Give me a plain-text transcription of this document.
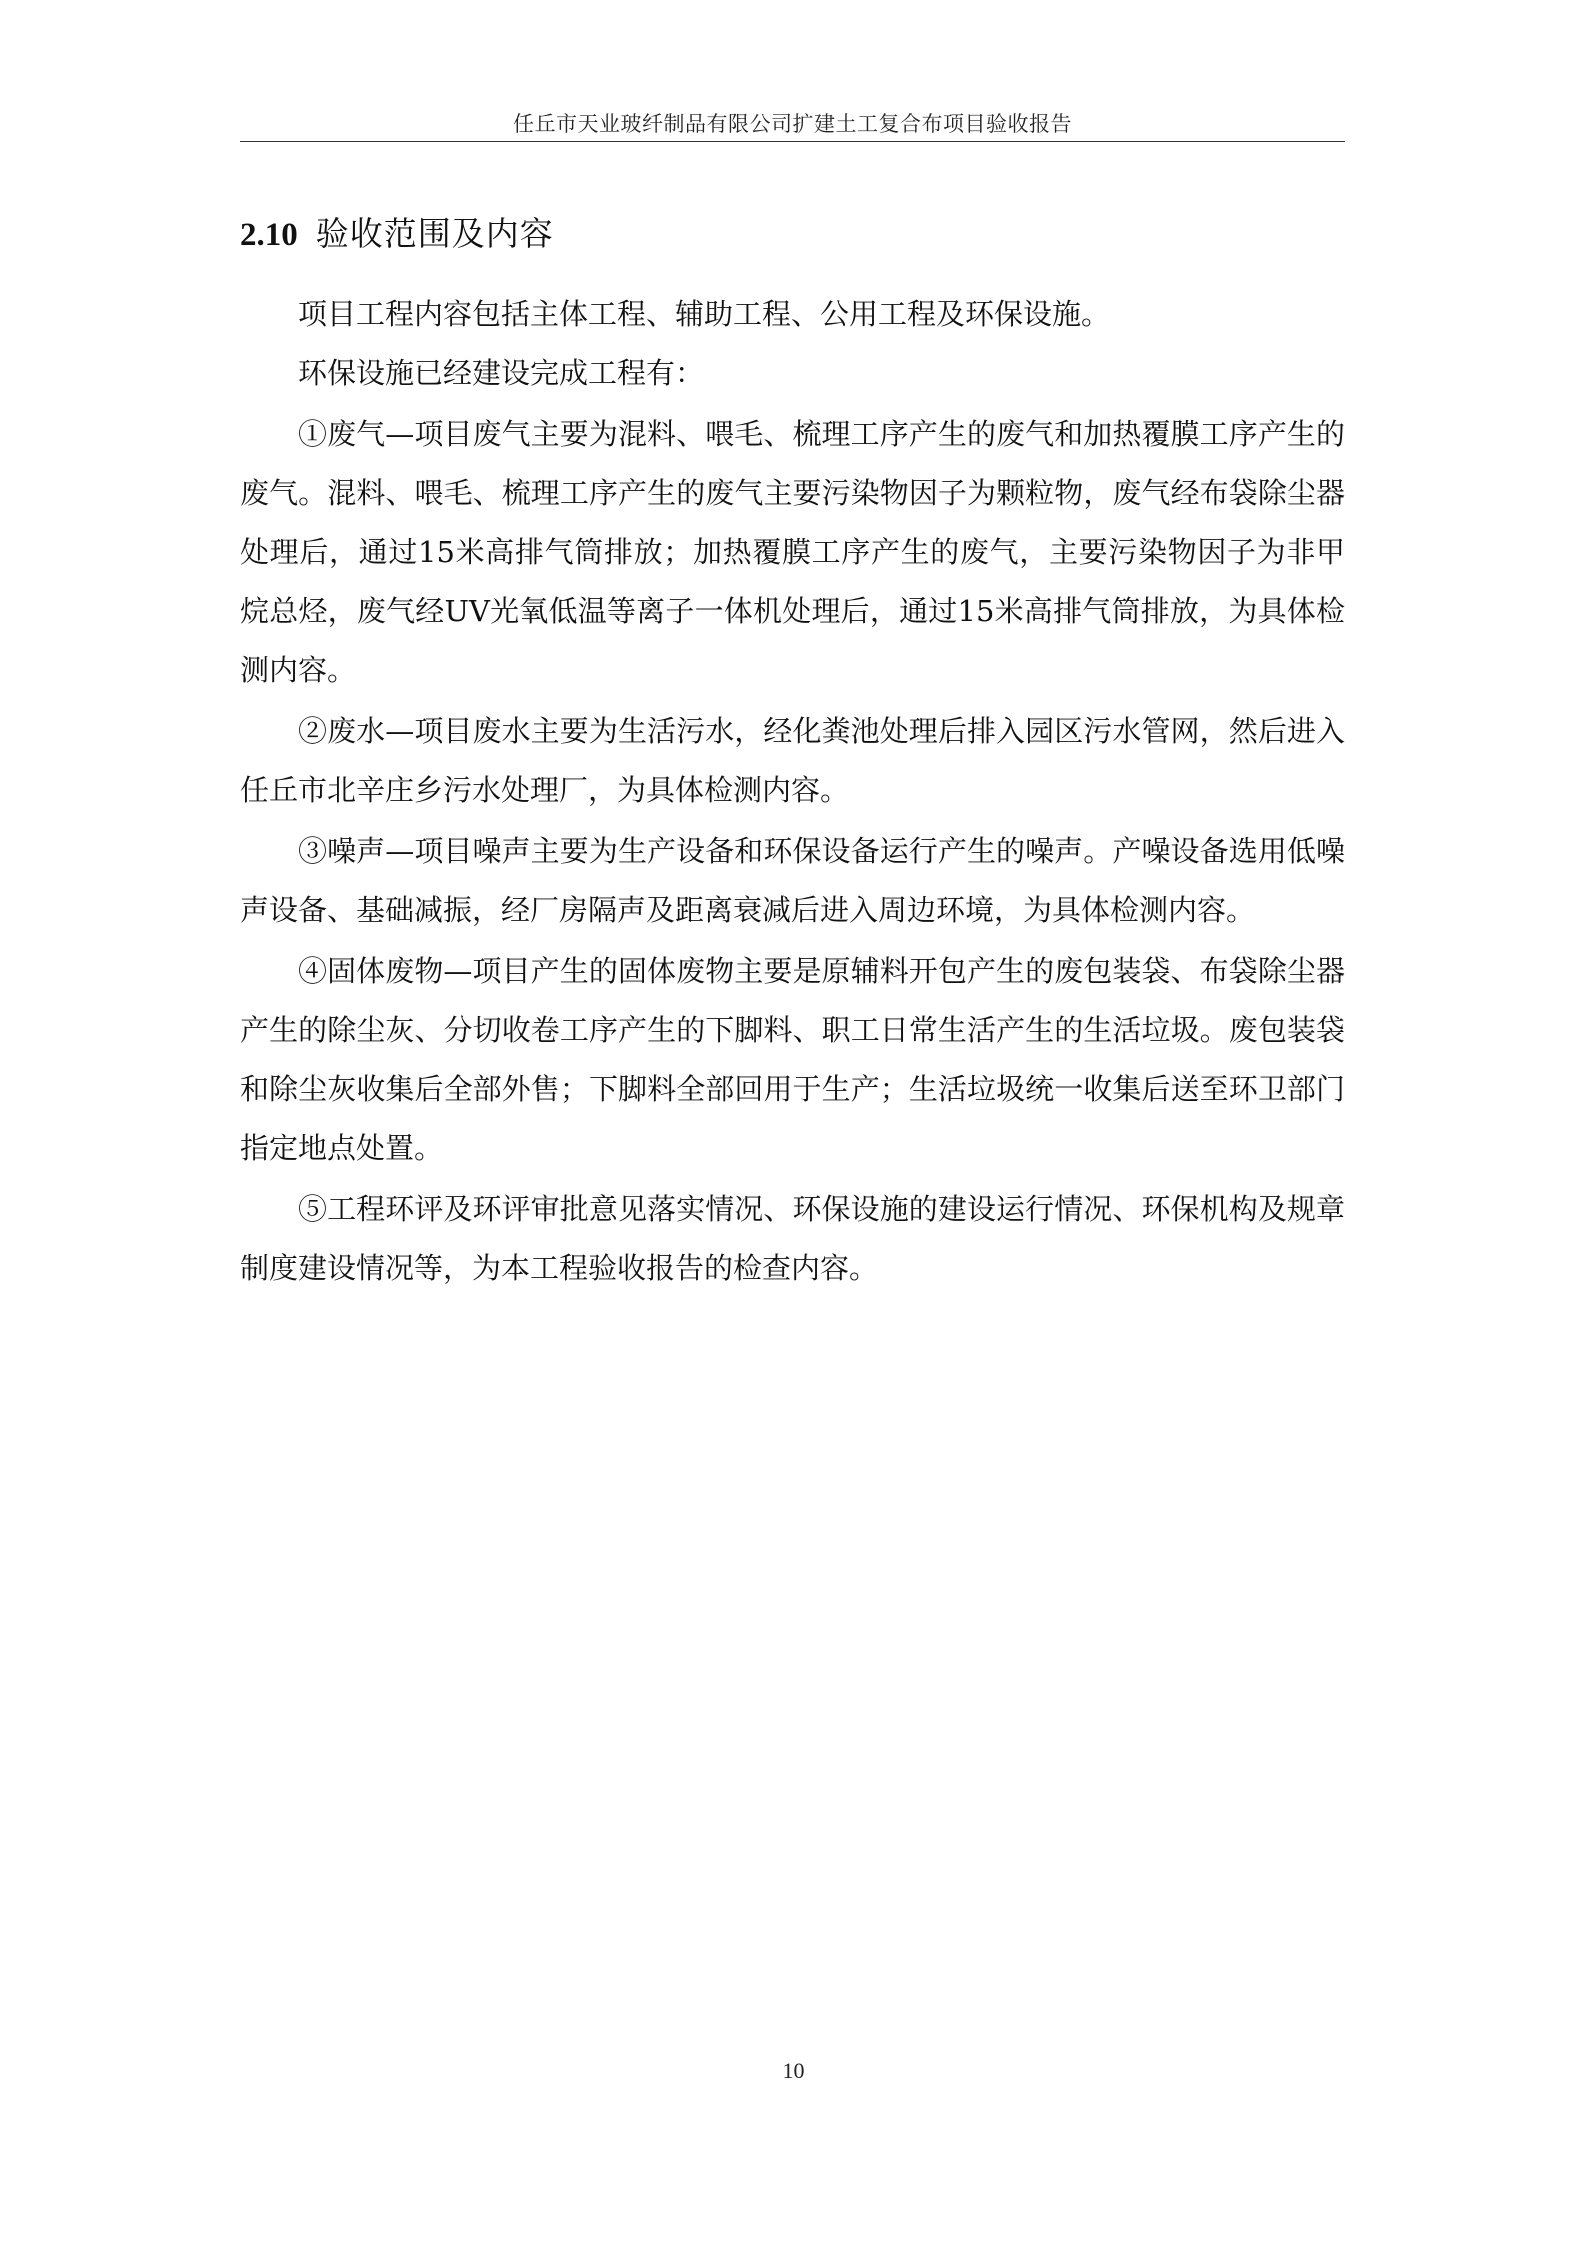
任丘市天业玻纤制品有限公司扩建土工复合布项目验收报告
2.10 验收范围及内容

项目工程内容包括主体工程、辅助工程、公用工程及环保设施。

环保设施已经建设完成工程有：

①废气—项目废气主要为混料、喂毛、梳理工序产生的废气和加热覆膜工序产生的废气。混料、喂毛、梳理工序产生的废气主要污染物因子为颗粒物，废气经布袋除尘器处理后，通过15米高排气筒排放；加热覆膜工序产生的废气，主要污染物因子为非甲烷总烃，废气经UV光氧低温等离子一体机处理后，通过15米高排气筒排放，为具体检测内容。

②废水—项目废水主要为生活污水，经化粪池处理后排入园区污水管网，然后进入任丘市北辛庄乡污水处理厂，为具体检测内容。

③噪声—项目噪声主要为生产设备和环保设备运行产生的噪声。产噪设备选用低噪声设备、基础减振，经厂房隔声及距离衰减后进入周边环境，为具体检测内容。

④固体废物—项目产生的固体废物主要是原辅料开包产生的废包装袋、布袋除尘器产生的除尘灰、分切收卷工序产生的下脚料、职工日常生活产生的生活垃圾。废包装袋和除尘灰收集后全部外售；下脚料全部回用于生产；生活垃圾统一收集后送至环卫部门指定地点处置。

⑤工程环评及环评审批意见落实情况、环保设施的建设运行情况、环保机构及规章制度建设情况等，为本工程验收报告的检查内容。

10
